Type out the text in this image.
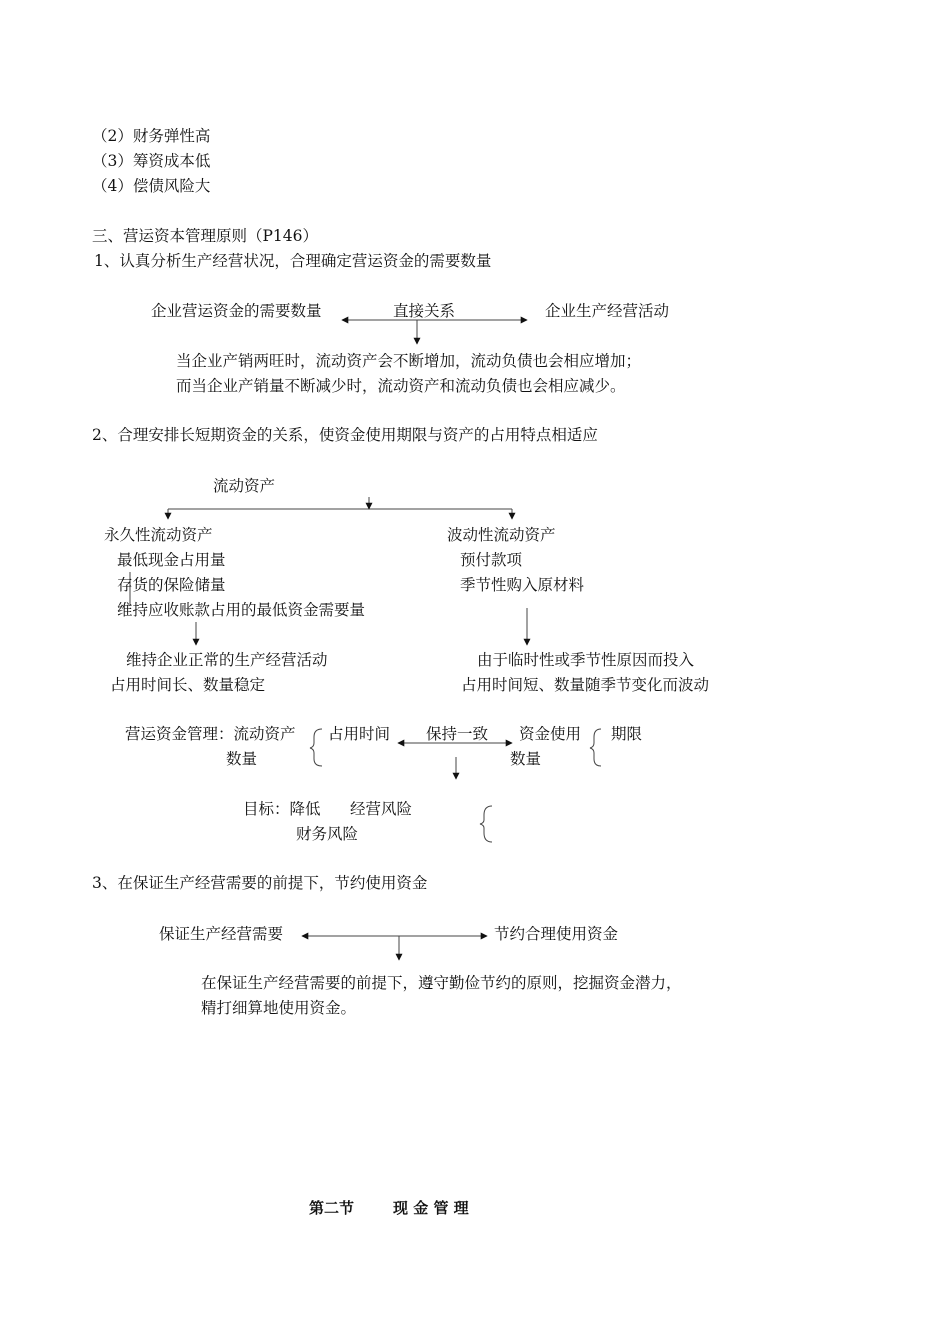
（2）财务弹性高
（3）筹资成本低
（4）偿债风险大
三、营运资本管理原则（P146）
1、认真分析生产经营状况，合理确定营运资金的需要数量
企业营运资金的需要数量	直接关系	企业生产经营活动
当企业产销两旺时，流动资产会不断增加，流动负债也会相应增加；
而当企业产销量不断减少时，流动资产和流动负债也会相应减少。
2、合理安排长短期资金的关系，使资金使用期限与资产的占用特点相适应
流动资产
永久性流动资产
最低现金占用量
存货的保险储量
维持应收账款占用的最低资金需要量
维持企业正常的生产经营活动
占用时间长、数量稳定
波动性流动资产
预付款项
季节性购入原材料
由于临时性或季节性原因而投入
占用时间短、数量随季节变化而波动
营运资金管理：流动资产 占用时间
数量
保持一致 资金使用 期限
数量
目标：降低 经营风险
财务风险
3、在保证生产经营需要的前提下，节约使用资金
保证生产经营需要	节约合理使用资金
在保证生产经营需要的前提下，遵守勤俭节约的原则，挖掘资金潜力，
精打细算地使用资金。
第二节	现 金 管 理
